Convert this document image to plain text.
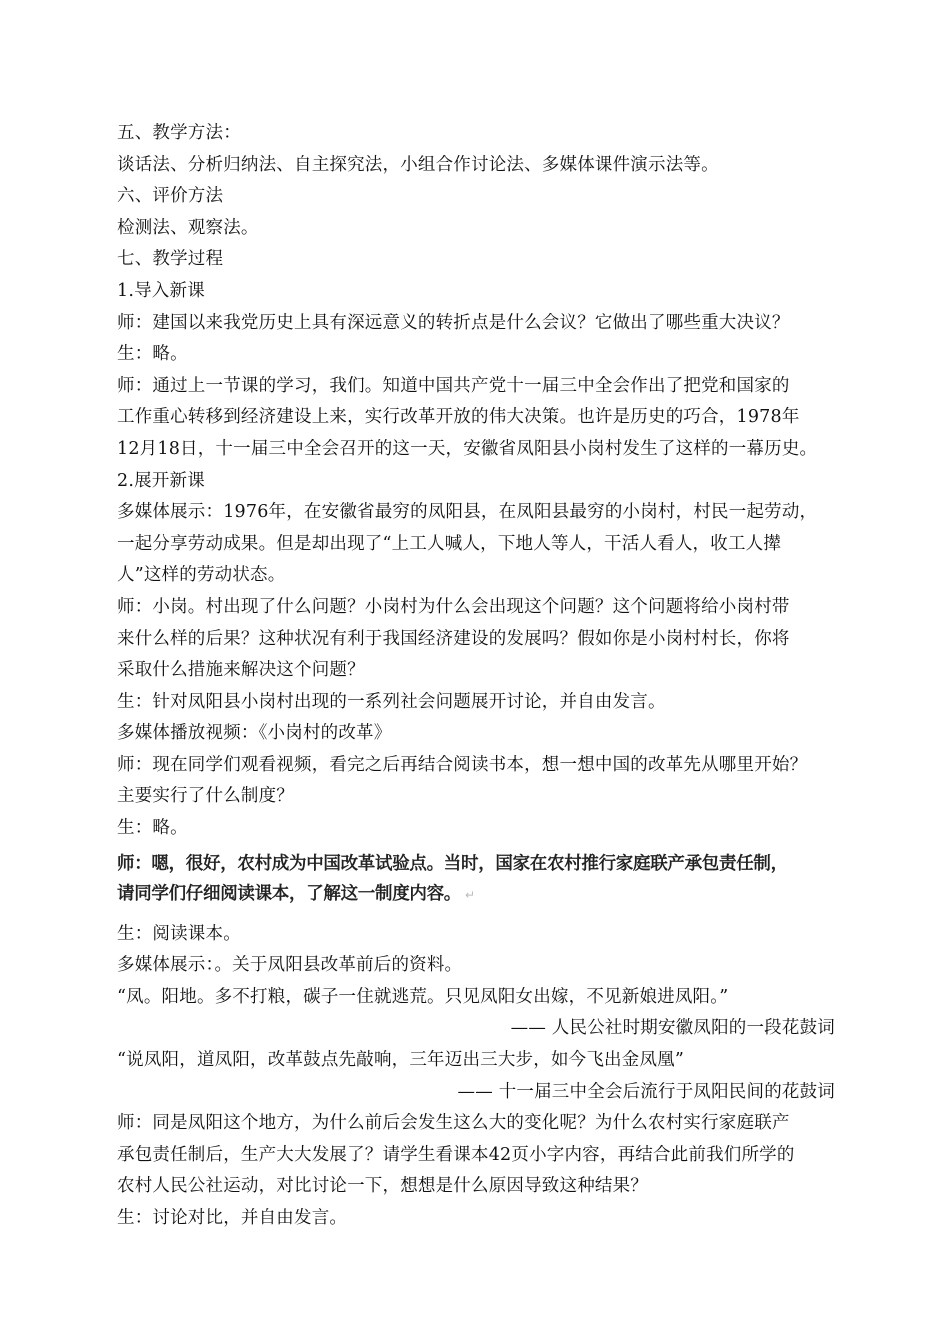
五、教学方法：
谈话法、分析归纳法、自主探究法，小组合作讨论法、多媒体课件演示法等。
六、评价方法
检测法、观察法。
七、教学过程
1.导入新课
师：建国以来我党历史上具有深远意义的转折点是什么会议？它做出了哪些重大决议？
生：略。
师：通过上一节课的学习，我们。知道中国共产党十一届三中全会作出了把党和国家的
工作重心转移到经济建设上来，实行改革开放的伟大决策。也许是历史的巧合，1978年
12月18日，十一届三中全会召开的这一天，安徽省凤阳县小岗村发生了这样的一幕历史。
2.展开新课
多媒体展示：1976年，在安徽省最穷的凤阳县，在凤阳县最穷的小岗村，村民一起劳动，
一起分享劳动成果。但是却出现了“上工人喊人，下地人等人，干活人看人，收工人撵
人”这样的劳动状态。
师：小岗。村出现了什么问题？小岗村为什么会出现这个问题？这个问题将给小岗村带
来什么样的后果？这种状况有利于我国经济建设的发展吗？假如你是小岗村村长，你将
采取什么措施来解决这个问题？
生：针对凤阳县小岗村出现的一系列社会问题展开讨论，并自由发言。
多媒体播放视频：《小岗村的改革》
师：现在同学们观看视频，看完之后再结合阅读书本，想一想中国的改革先从哪里开始？
主要实行了什么制度？
生：略。
师：嗯，很好，农村成为中国改革试验点。当时，国家在农村推行家庭联产承包责任制，
请同学们仔细阅读课本，了解这一制度内容。 ↵
生：阅读课本。
多媒体展示：。关于凤阳县改革前后的资料。
“凤。阳地。多不打粮，碳子一住就逃荒。只见凤阳女出嫁，不见新娘进凤阳。”
—— 人民公社时期安徽凤阳的一段花鼓词
“说凤阳，道凤阳，改革鼓点先敲响，三年迈出三大步，如今飞出金凤凰”
—— 十一届三中全会后流行于凤阳民间的花鼓词
师：同是凤阳这个地方，为什么前后会发生这么大的变化呢？为什么农村实行家庭联产
承包责任制后，生产大大发展了？请学生看课本42页小字内容，再结合此前我们所学的
农村人民公社运动，对比讨论一下，想想是什么原因导致这种结果？
生：讨论对比，并自由发言。
